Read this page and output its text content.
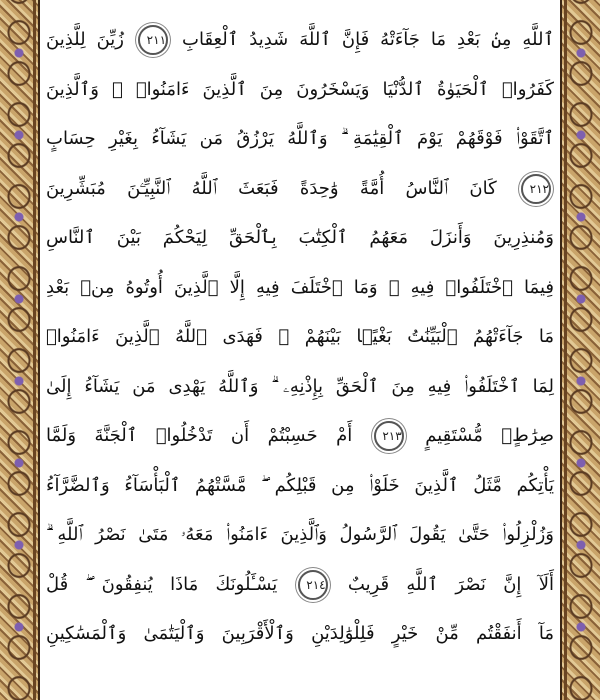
ٱللَّهِ مِنۢ بَعْدِ مَا جَآءَتْهُ فَإِنَّ ٱللَّهَ شَدِيدُ ٱلْعِقَابِ ٢١١ زُيِّنَ لِلَّذِينَ
كَفَرُوا۟ ٱلْحَيَوٰةُ ٱلدُّنْيَا وَيَسْخَرُونَ مِنَ ٱلَّذِينَ ءَامَنُوا۟ ۘ وَٱلَّذِينَ
ٱتَّقَوْا۟ فَوْقَهُمْ يَوْمَ ٱلْقِيَٰمَةِ ۗ وَٱللَّهُ يَرْزُقُ مَن يَشَآءُ بِغَيْرِ حِسَابٍ
٢١٢ كَانَ ٱلنَّاسُ أُمَّةً وَٰحِدَةً فَبَعَثَ ٱللَّهُ ٱلنَّبِيِّـۧنَ مُبَشِّرِينَ
وَمُنذِرِينَ وَأَنزَلَ مَعَهُمُ ٱلْكِتَٰبَ بِٱلْحَقِّ لِيَحْكُمَ بَيْنَ ٱلنَّاسِ
فِيمَا ٱخْتَلَفُوا۟ فِيهِ ۚ وَمَا ٱخْتَلَفَ فِيهِ إِلَّا ٱلَّذِينَ أُوتُوهُ مِنۢ بَعْدِ
مَا جَآءَتْهُمُ ٱلْبَيِّنَٰتُ بَغْيًۢا بَيْنَهُمْ ۖ فَهَدَى ٱللَّهُ ٱلَّذِينَ ءَامَنُوا۟
لِمَا ٱخْتَلَفُوا۟ فِيهِ مِنَ ٱلْحَقِّ بِإِذْنِهِۦ ۗ وَٱللَّهُ يَهْدِى مَن يَشَآءُ إِلَىٰ
صِرَٰطٍۢ مُّسْتَقِيمٍ ٢١٣ أَمْ حَسِبْتُمْ أَن تَدْخُلُوا۟ ٱلْجَنَّةَ وَلَمَّا
يَأْتِكُم مَّثَلُ ٱلَّذِينَ خَلَوْا۟ مِن قَبْلِكُم ۖ مَّسَّتْهُمُ ٱلْبَأْسَآءُ وَٱلضَّرَّآءُ
وَزُلْزِلُوا۟ حَتَّىٰ يَقُولَ ٱلرَّسُولُ وَٱلَّذِينَ ءَامَنُوا۟ مَعَهُۥ مَتَىٰ نَصْرُ ٱللَّهِ ۗ
أَلَآ إِنَّ نَصْرَ ٱللَّهِ قَرِيبٌ ٢١٤ يَسْـَٔلُونَكَ مَاذَا يُنفِقُونَ ۖ قُلْ
مَآ أَنفَقْتُم مِّنْ خَيْرٍ فَلِلْوَٰلِدَيْنِ وَٱلْأَقْرَبِينَ وَٱلْيَتَٰمَىٰ وَٱلْمَسَٰكِينِ
